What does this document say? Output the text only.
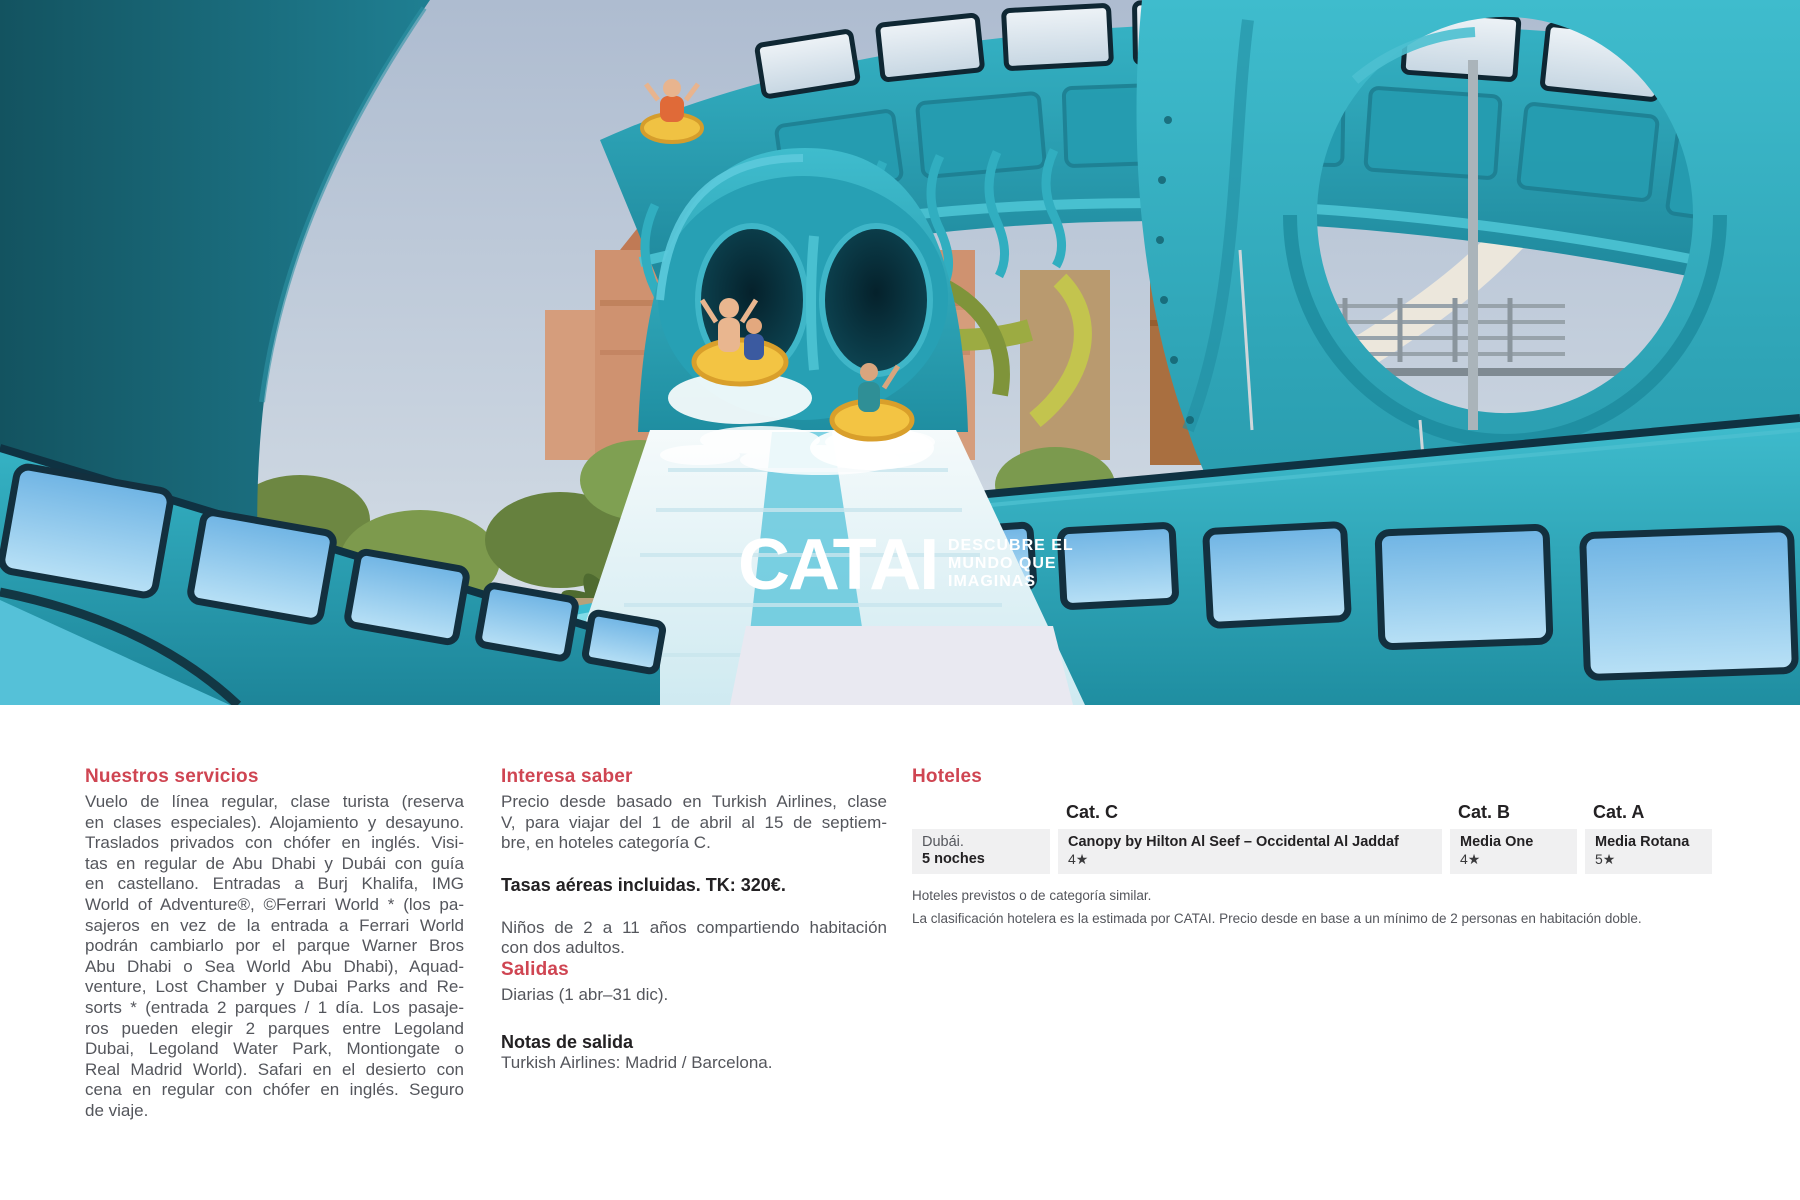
CATAI DESCUBRE EL
MUNDO QUE
IMAGINAS
Nuestros servicios
Vuelo de línea regular, clase turista (reserva
en clases especiales). Alojamiento y desayuno.
Traslados privados con chófer en inglés. Visi-
tas en regular de Abu Dhabi y Dubái con guía
en castellano. Entradas a Burj Khalifa, IMG
World of Adventure®, ©Ferrari World * (los pa-
sajeros en vez de la entrada a Ferrari World
podrán cambiarlo por el parque Warner Bros
Abu Dhabi o Sea World Abu Dhabi), Aquad-
venture, Lost Chamber y Dubai Parks and Re-
sorts * (entrada 2 parques / 1 día. Los pasaje-
ros pueden elegir 2 parques entre Legoland
Dubai, Legoland Water Park, Montiongate o
Real Madrid World). Safari en el desierto con
cena en regular con chófer en inglés. Seguro
de viaje.
Interesa saber
Precio desde basado en Turkish Airlines, clase
V, para viajar del 1 de abril al 15 de septiem-
bre, en hoteles categoría C.
Tasas aéreas incluidas. TK: 320€.
Niños de 2 a 11 años compartiendo habitación
con dos adultos.
Salidas
Diarias (1 abr–31 dic).
Notas de salida
Turkish Airlines: Madrid / Barcelona.
Hoteles
Cat. C	Cat. B	Cat. A
Dubái.
5 noches
Canopy by Hilton Al Seef – Occidental Al Jaddaf
4★
Media One
4★
Media Rotana
5★
Hoteles previstos o de categoría similar.
La clasificación hotelera es la estimada por CATAI. Precio desde en base a un mínimo de 2 personas en habitación doble.
